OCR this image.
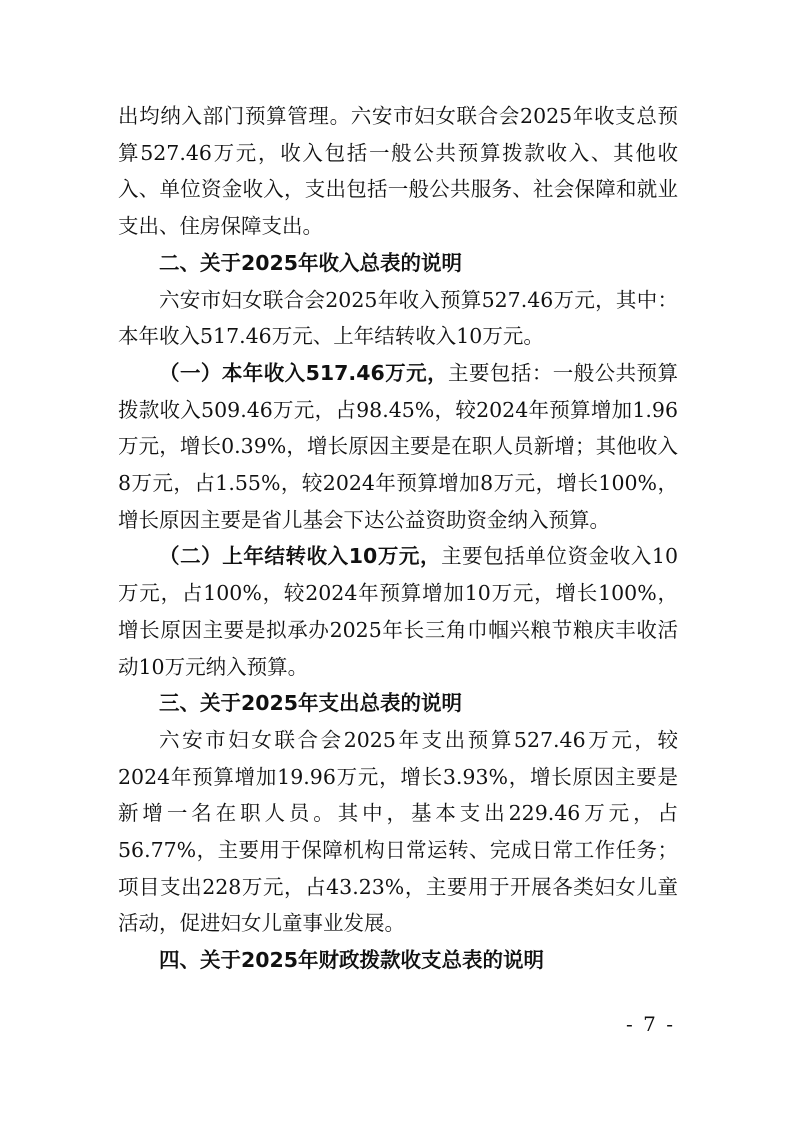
出均纳入部门预算管理。六安市妇女联合会2025年收支总预算527.46万元，收入包括一般公共预算拨款收入、其他收入、单位资金收入，支出包括一般公共服务、社会保障和就业支出、住房保障支出。

二、关于2025年收入总表的说明

六安市妇女联合会2025年收入预算527.46万元，其中：本年收入517.46万元、上年结转收入10万元。

（一）本年收入517.46万元，主要包括：一般公共预算拨款收入509.46万元，占98.45%，较2024年预算增加1.96万元，增长0.39%，增长原因主要是在职人员新增；其他收入8万元，占1.55%，较2024年预算增加8万元，增长100%，增长原因主要是省儿基会下达公益资助资金纳入预算。

（二）上年结转收入10万元，主要包括单位资金收入10万元，占100%，较2024年预算增加10万元，增长100%，增长原因主要是拟承办2025年长三角巾帼兴粮节粮庆丰收活动10万元纳入预算。

三、关于2025年支出总表的说明

六安市妇女联合会2025年支出预算527.46万元，较2024年预算增加19.96万元，增长3.93%，增长原因主要是新增一名在职人员。其中，基本支出229.46万元，占56.77%，主要用于保障机构日常运转、完成日常工作任务；项目支出228万元，占43.23%，主要用于开展各类妇女儿童活动，促进妇女儿童事业发展。

四、关于2025年财政拨款收支总表的说明

- 7 -
